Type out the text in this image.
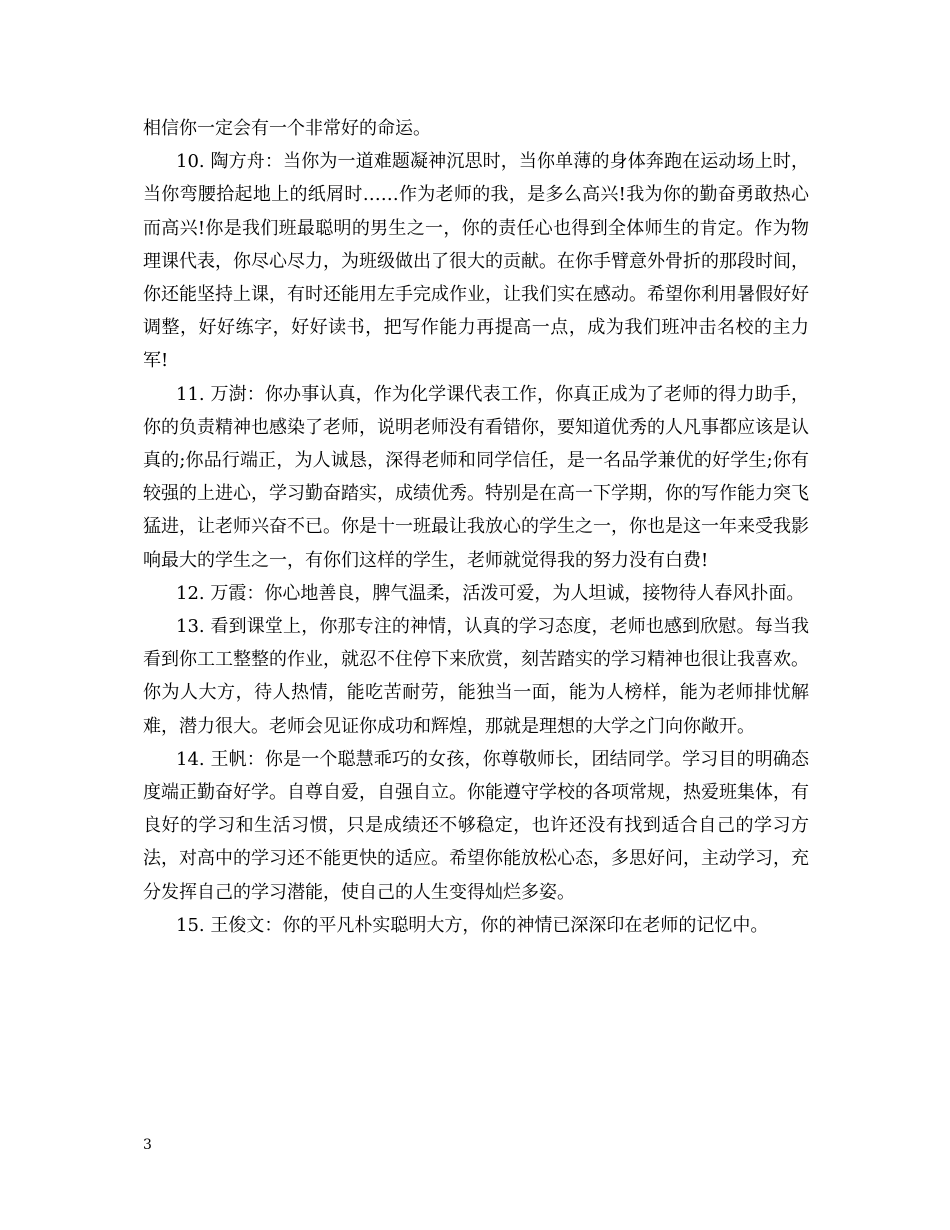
相信你一定会有一个非常好的命运。

10. 陶方舟：当你为一道难题凝神沉思时，当你单薄的身体奔跑在运动场上时，当你弯腰拾起地上的纸屑时……作为老师的我，是多么高兴!我为你的勤奋勇敢热心而高兴!你是我们班最聪明的男生之一，你的责任心也得到全体师生的肯定。作为物理课代表，你尽心尽力，为班级做出了很大的贡献。在你手臂意外骨折的那段时间，你还能坚持上课，有时还能用左手完成作业，让我们实在感动。希望你利用暑假好好调整，好好练字，好好读书，把写作能力再提高一点，成为我们班冲击名校的主力军!

11. 万澍：你办事认真，作为化学课代表工作，你真正成为了老师的得力助手，你的负责精神也感染了老师，说明老师没有看错你，要知道优秀的人凡事都应该是认真的;你品行端正，为人诚恳，深得老师和同学信任，是一名品学兼优的好学生;你有较强的上进心，学习勤奋踏实，成绩优秀。特别是在高一下学期，你的写作能力突飞猛进，让老师兴奋不已。你是十一班最让我放心的学生之一，你也是这一年来受我影响最大的学生之一，有你们这样的学生，老师就觉得我的努力没有白费!

12. 万霞：你心地善良，脾气温柔，活泼可爱，为人坦诚，接物待人春风扑面。

13. 看到课堂上，你那专注的神情，认真的学习态度，老师也感到欣慰。每当我看到你工工整整的作业，就忍不住停下来欣赏，刻苦踏实的学习精神也很让我喜欢。你为人大方，待人热情，能吃苦耐劳，能独当一面，能为人榜样，能为老师排忧解难，潜力很大。老师会见证你成功和辉煌，那就是理想的大学之门向你敞开。

14. 王帆：你是一个聪慧乖巧的女孩，你尊敬师长，团结同学。学习目的明确态度端正勤奋好学。自尊自爱，自强自立。你能遵守学校的各项常规，热爱班集体，有良好的学习和生活习惯，只是成绩还不够稳定，也许还没有找到适合自己的学习方法，对高中的学习还不能更快的适应。希望你能放松心态，多思好问，主动学习，充分发挥自己的学习潜能，使自己的人生变得灿烂多姿。

15. 王俊文：你的平凡朴实聪明大方，你的神情已深深印在老师的记忆中。

3
